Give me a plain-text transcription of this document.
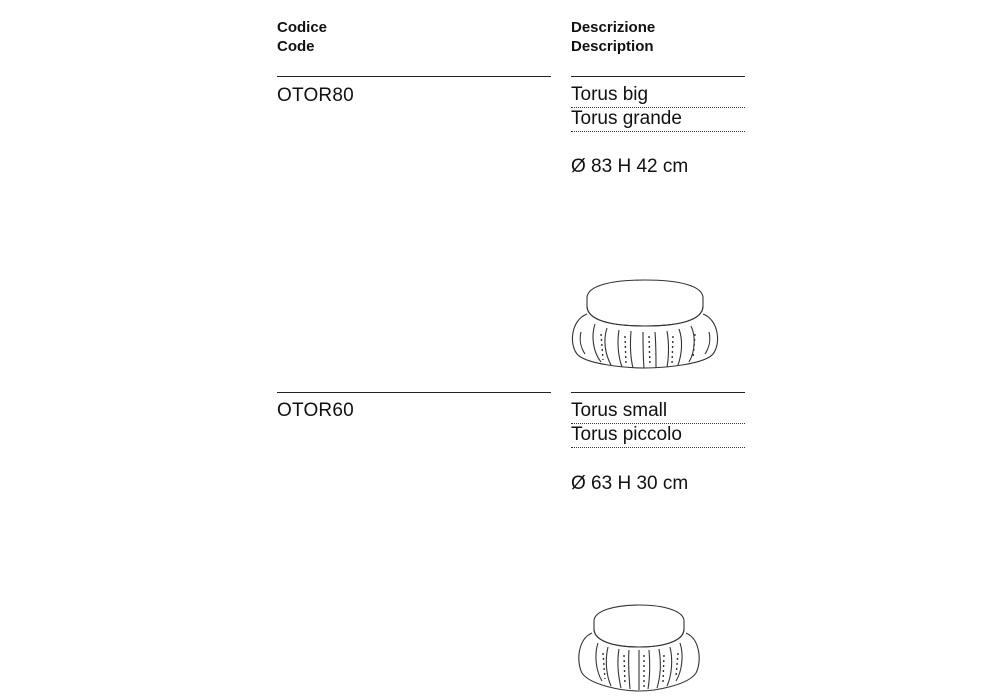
Codice
Code
Descrizione
Description
OTOR80	Torus big
Torus grande
Ø 83 H 42 cm
OTOR60	Torus small
Torus piccolo
Ø 63 H 30 cm
